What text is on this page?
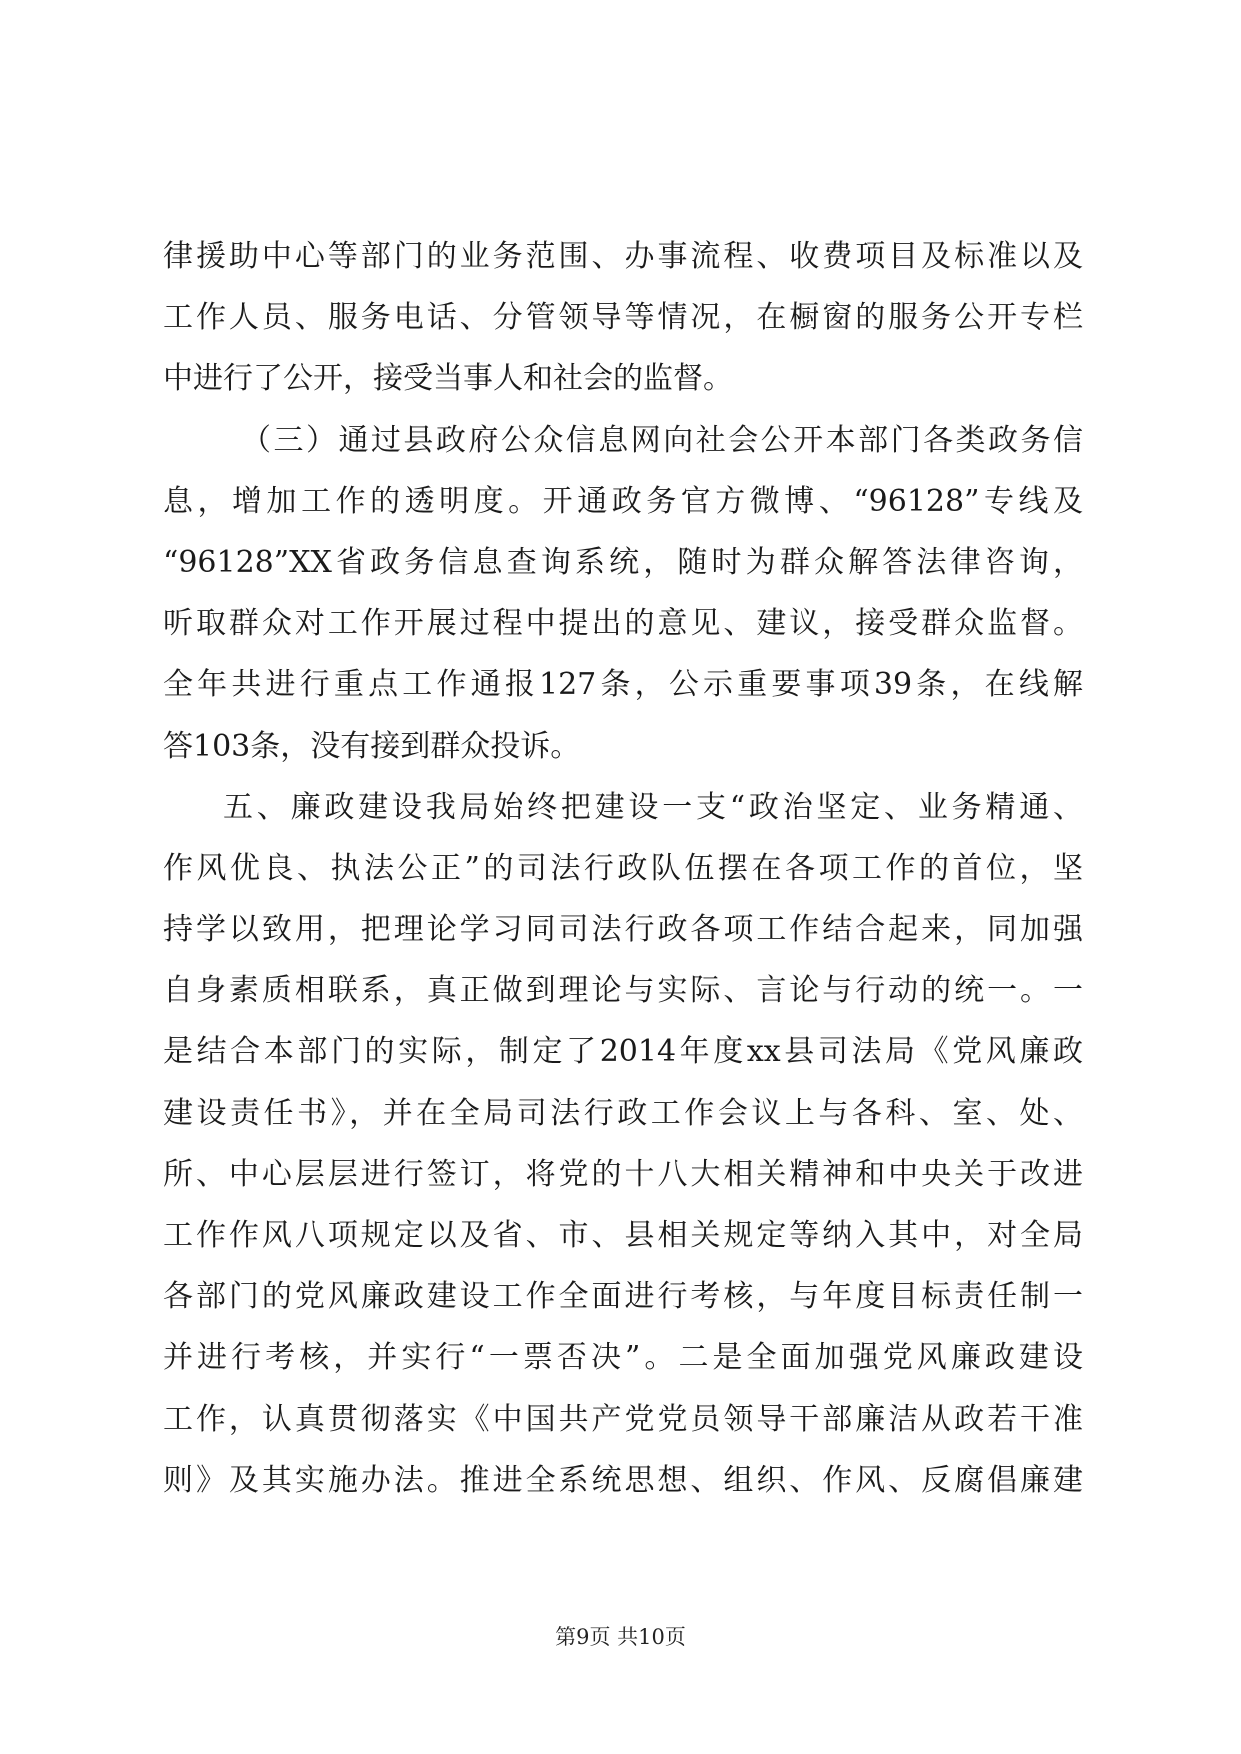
律援助中心等部门的业务范围、办事流程、收费项目及标准以及
工作人员、服务电话、分管领导等情况，在橱窗的服务公开专栏
中进行了公开，接受当事人和社会的监督。
（三）通过县政府公众信息网向社会公开本部门各类政务信
息，增加工作的透明度。开通政务官方微博、“96128”专线及
“96128”XX省政务信息查询系统，随时为群众解答法律咨询，
听取群众对工作开展过程中提出的意见、建议，接受群众监督。
全年共进行重点工作通报127条，公示重要事项39条，在线解
答103条，没有接到群众投诉。
五、廉政建设我局始终把建设一支“政治坚定、业务精通、
作风优良、执法公正”的司法行政队伍摆在各项工作的首位，坚
持学以致用，把理论学习同司法行政各项工作结合起来，同加强
自身素质相联系，真正做到理论与实际、言论与行动的统一。一
是结合本部门的实际，制定了2014年度xx县司法局《党风廉政
建设责任书》，并在全局司法行政工作会议上与各科、室、处、
所、中心层层进行签订，将党的十八大相关精神和中央关于改进
工作作风八项规定以及省、市、县相关规定等纳入其中，对全局
各部门的党风廉政建设工作全面进行考核，与年度目标责任制一
并进行考核，并实行“一票否决”。二是全面加强党风廉政建设
工作，认真贯彻落实《中国共产党党员领导干部廉洁从政若干准
则》及其实施办法。推进全系统思想、组织、作风、反腐倡廉建
第9页 共10页
